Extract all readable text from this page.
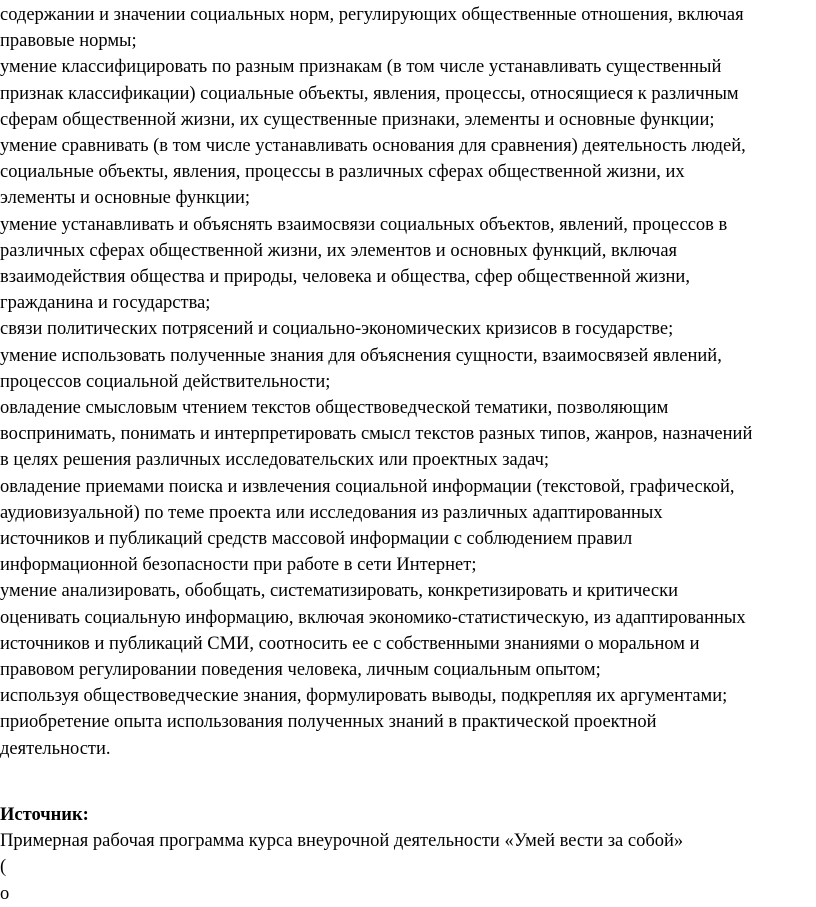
содержании и значении социальных норм, регулирующих общественные отношения, включая
правовые нормы;
умение классифицировать по разным признакам (в том числе устанавливать существенный
признак классификации) социальные объекты, явления, процессы, относящиеся к различным
сферам общественной жизни, их существенные признаки, элементы и основные функции;
умение сравнивать (в том числе устанавливать основания для сравнения) деятельность людей,
социальные объекты, явления, процессы в различных сферах общественной жизни, их
элементы и основные функции;
умение устанавливать и объяснять взаимосвязи социальных объектов, явлений, процессов в
различных сферах общественной жизни, их элементов и основных функций, включая
взаимодействия общества и природы, человека и общества, сфер общественной жизни,
гражданина и государства;
связи политических потрясений и социально-экономических кризисов в государстве;
умение использовать полученные знания для объяснения сущности, взаимосвязей явлений,
процессов социальной действительности;
овладение смысловым чтением текстов обществоведческой тематики, позволяющим
воспринимать, понимать и интерпретировать смысл текстов разных типов, жанров, назначений
в целях решения различных исследовательских или проектных задач;
овладение приемами поиска и извлечения социальной информации (текстовой, графической,
аудиовизуальной) по теме проекта или исследования из различных адаптированных
источников и публикаций средств массовой информации с соблюдением правил
информационной безопасности при работе в сети Интернет;
умение анализировать, обобщать, систематизировать, конкретизировать и критически
оценивать социальную информацию, включая экономико-статистическую, из адаптированных
источников и публикаций СМИ, соотносить ее с собственными знаниями о моральном и
правовом регулировании поведения человека, личным социальным опытом;
используя обществоведческие знания, формулировать выводы, подкрепляя их аргументами;
приобретение опыта использования полученных знаний в практической проектной
деятельности.
Источник:
Примерная рабочая программа курса внеурочной деятельности «Умей вести за собой»
(
о
